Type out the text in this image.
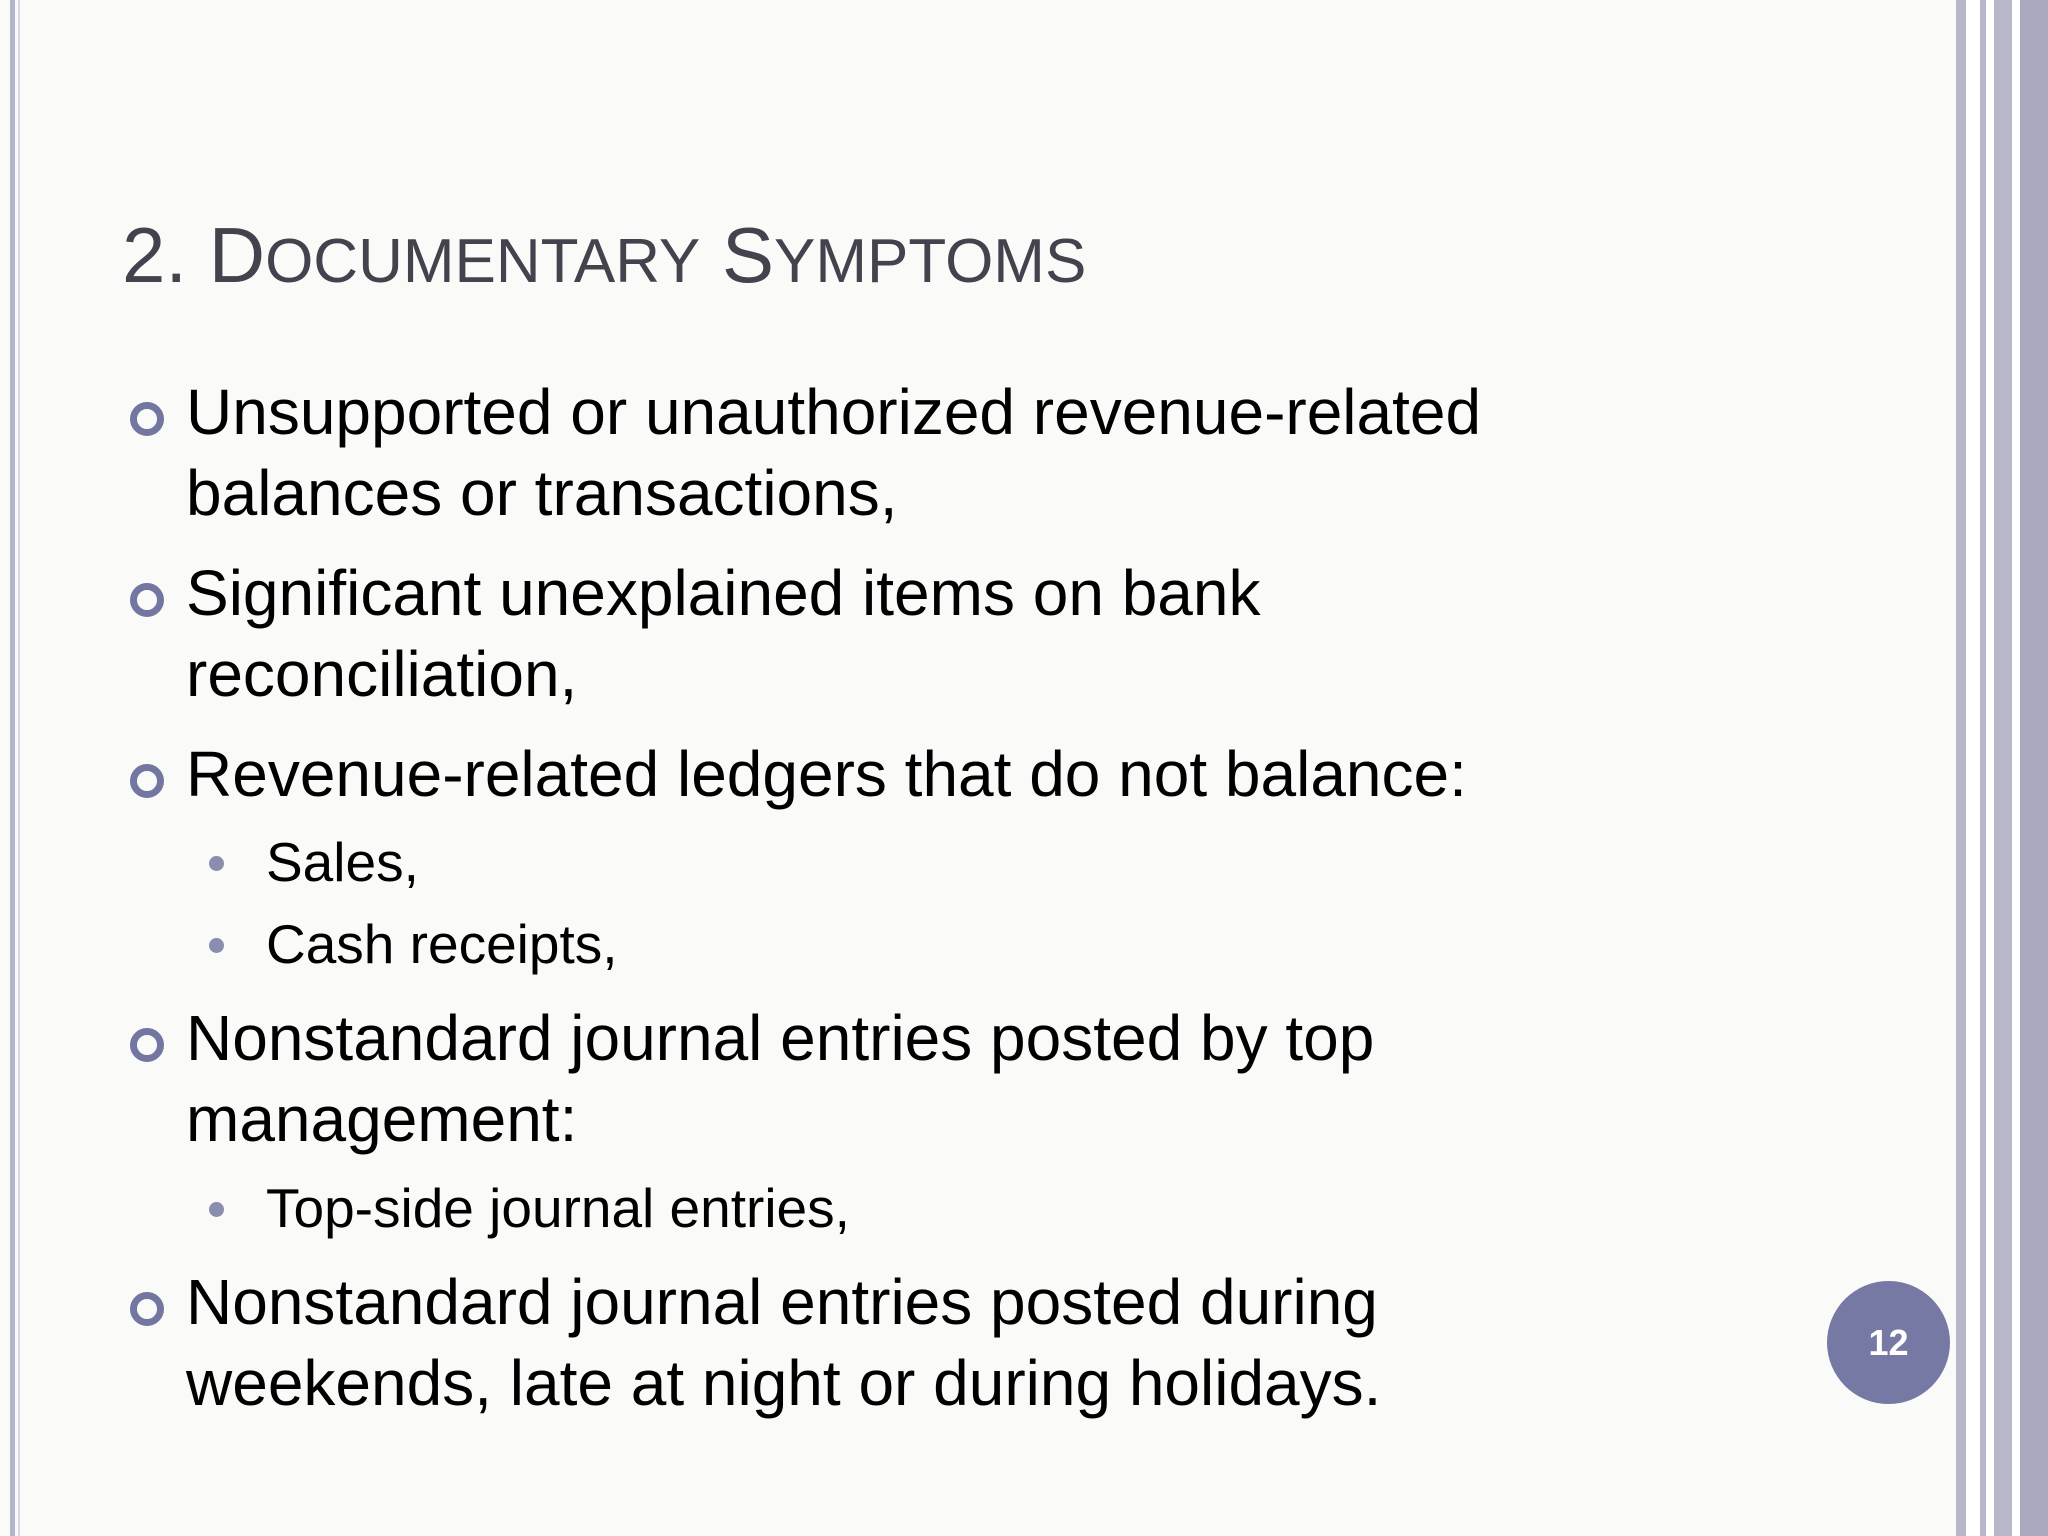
2. DOCUMENTARY SYMPTOMS
Unsupported or unauthorized revenue-related
balances or transactions,
Significant unexplained items on bank
reconciliation,
Revenue-related ledgers that do not balance:
Sales,
Cash receipts,
Nonstandard journal entries posted by top
management:
Top-side journal entries,
Nonstandard journal entries posted during
weekends, late at night or during holidays.
12
